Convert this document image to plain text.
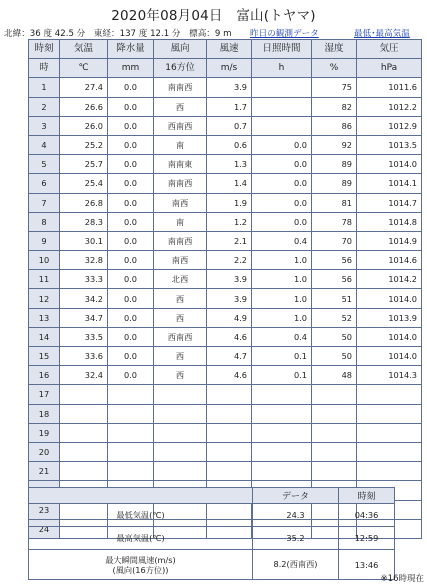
2020年08月04日　富山(トヤマ)
北緯：36 度 42.5 分　東経：137 度 12.1 分　標高：9 m 昨日の観測データ	最低･最高気温
時刻	気温	降水量	風向	風速	日照時間	湿度	気圧
時	℃	mm	16方位	m/s	h	%	hPa
1	27.4	0.0	南南西	3.9		75	1011.6
2	26.6	0.0	西	1.7		82	1012.2
3	26.0	0.0	西南西	0.7		86	1012.9
4	25.2	0.0	南	0.6	0.0	92	1013.5
5	25.7	0.0	南南東	1.3	0.0	89	1014.0
6	25.4	0.0	南南西	1.4	0.0	89	1014.1
7	26.8	0.0	南西	1.9	0.0	81	1014.7
8	28.3	0.0	南	1.2	0.0	78	1014.8
9	30.1	0.0	南南西	2.1	0.4	70	1014.9
10	32.8	0.0	南西	2.2	1.0	56	1014.6
11	33.3	0.0	北西	3.9	1.0	56	1014.2
12	34.2	0.0	西	3.9	1.0	51	1014.0
13	34.7	0.0	西	4.9	1.0	52	1013.9
14	33.5	0.0	西南西	4.6	0.4	50	1014.0
15	33.6	0.0	西	4.7	0.1	50	1014.0
16	32.4	0.0	西	4.6	0.1	48	1014.3
17							
18							
19							
20							
21							

23							
24							
	データ	時刻
最低気温(℃)	24.3	04:36
最高気温(℃)	35.2	12:59
最大瞬間風速(m/s)
(風向(16方位))	8.2(西南西)	13:46
※16時現在
